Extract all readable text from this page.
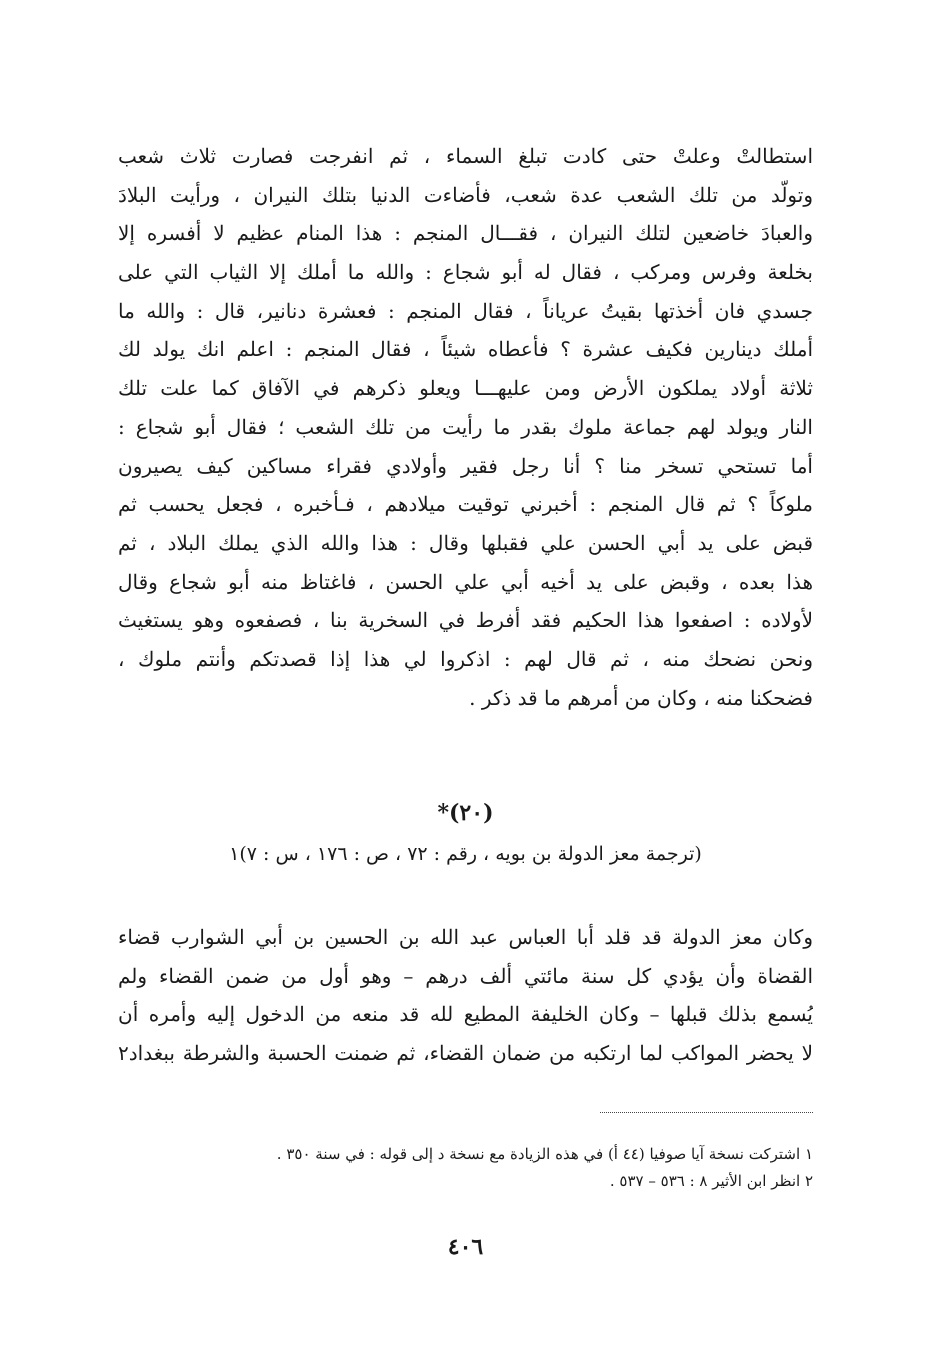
استطالتْ وعلتْ حتى كادت تبلغ السماء ، ثم انفرجت فصارت ثلاث شعب
وتولّد من تلك الشعب عدة شعب، فأضاءت الدنيا بتلك النيران ، ورأيت البلادَ
والعبادَ خاضعين لتلك النيران ، فقـــال المنجم : هذا المنام عظيم لا أفسره إلا
بخلعة وفرس ومركب ، فقال له أبو شجاع : والله ما أملك إلا الثياب التي على
جسدي فان أخذتها بقيتُ عرياناً ، فقال المنجم : فعشرة دنانير، قال : والله ما
أملك دينارين فكيف عشرة ؟ فأعطاه شيئاً ، فقال المنجم : اعلم انك يولد لك
ثلاثة أولاد يملكون الأرض ومن عليهـــا ويعلو ذكرهم في الآفاق كما علت تلك
النار ويولد لهم جماعة ملوك بقدر ما رأيت من تلك الشعب ؛ فقال أبو شجاع :
أما تستحي تسخر منا ؟ أنا رجل فقير وأولادي فقراء مساكين كيف يصيرون
ملوكاً ؟ ثم قال المنجم : أخبرني توقيت ميلادهم ، فـأخبره ، فجعل يحسب ثم
قبض على يد أبي الحسن علي فقبلها وقال : هذا والله الذي يملك البلاد ، ثم
هذا بعده ، وقبض على يد أخيه أبي علي الحسن ، فاغتاظ منه أبو شجاع وقال
لأولاده : اصفعوا هذا الحكيم فقد أفرط في السخرية بنا ، فصفعوه وهو يستغيث
ونحن نضحك منه ، ثم قال لهم : اذكروا لي هذا إذا قصدتكم وأنتم ملوك ،
فضحكنا منه ، وكان من أمرهم ما قد ذكر .
(٢٠)*
(ترجمة معز الدولة بن بويه ، رقم : ٧٢ ، ص : ١٧٦ ، س : ٧)١
وكان معز الدولة قد قلد أبا العباس عبد الله بن الحسين بن أبي الشوارب قضاء
القضاة وأن يؤدي كل سنة مائتي ألف درهم – وهو أول من ضمن القضاء ولم
يُسمع بذلك قبلها – وكان الخليفة المطيع لله قد منعه من الدخول إليه وأمره أن
لا يحضر المواكب لما ارتكبه من ضمان القضاء، ثم ضمنت الحسبة والشرطة ببغداد٢
١ اشتركت نسخة آيا صوفيا (٤٤ أ) في هذه الزيادة مع نسخة د إلى قوله : في سنة ٣٥٠ .
٢ انظر ابن الأثير ٨ : ٥٣٦ – ٥٣٧ .
٤٠٦
